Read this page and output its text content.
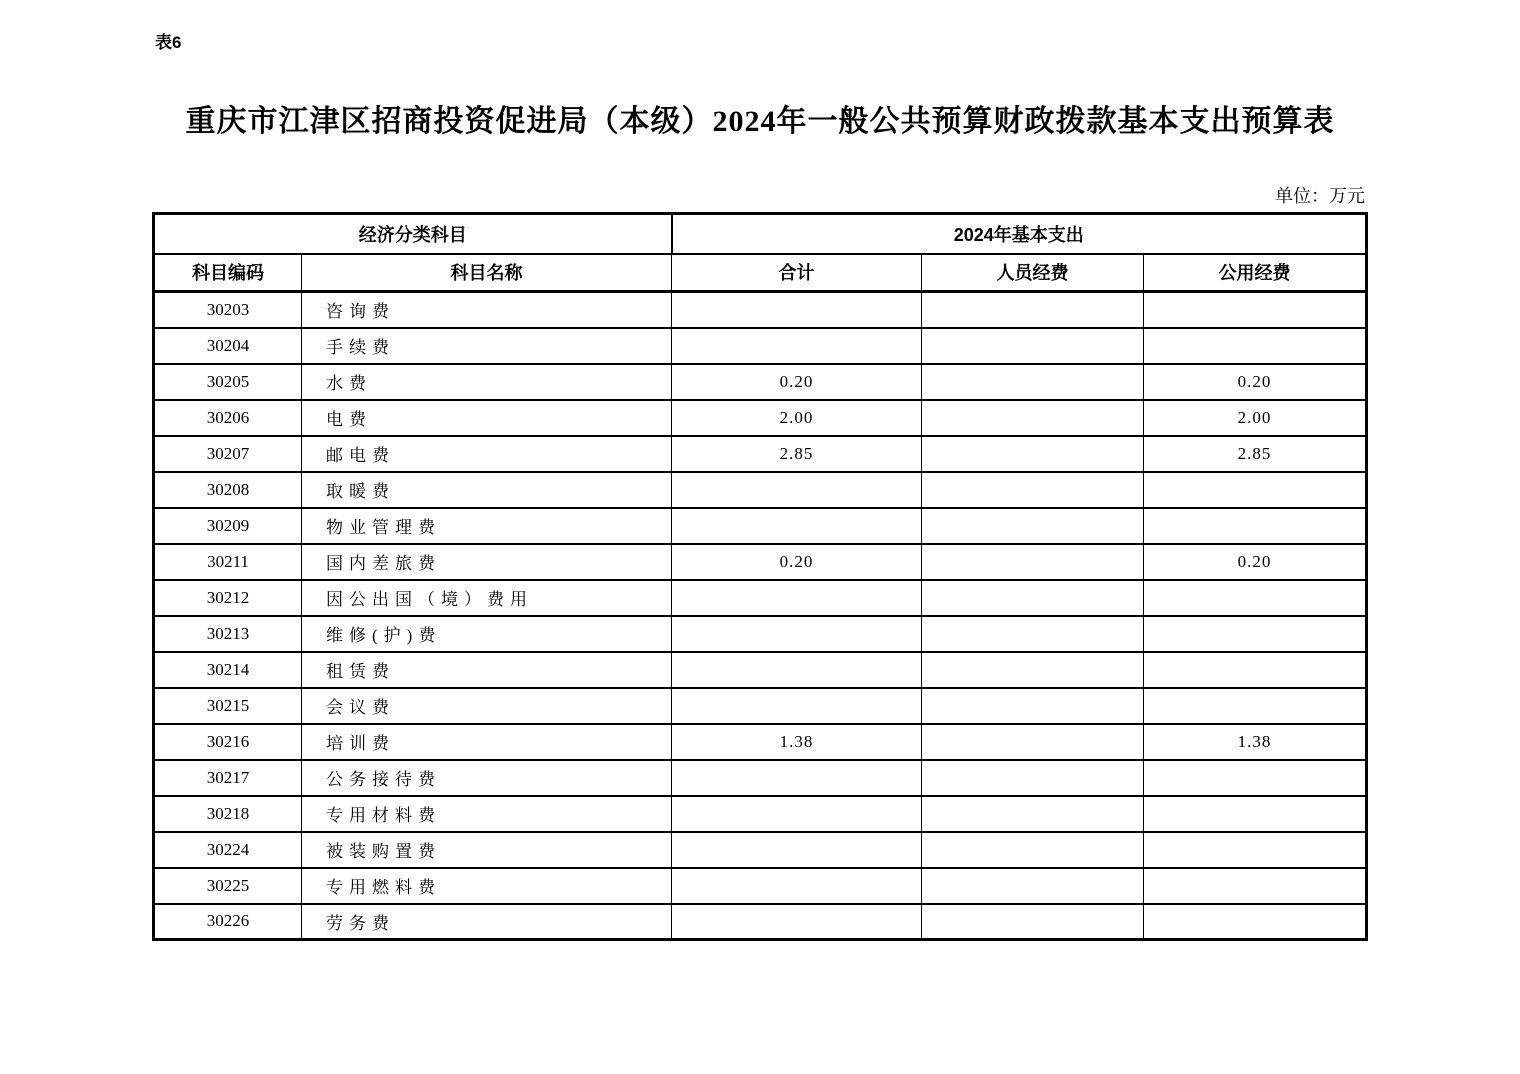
表6
重庆市江津区招商投资促进局（本级）2024年一般公共预算财政拨款基本支出预算表
单位：万元
经济分类科目		2024年基本支出		
科目编码	科目名称	合计	人员经费	公用经费
30203	咨询费			
30204	手续费			
30205	水费	0.20		0.20
30206	电费	2.00		2.00
30207	邮电费	2.85		2.85
30208	取暖费			
30209	物业管理费			
30211	国内差旅费	0.20		0.20
30212	因公出国（境）费用			
30213	维修(护)费			
30214	租赁费			
30215	会议费			
30216	培训费	1.38		1.38
30217	公务接待费			
30218	专用材料费			
30224	被装购置费			
30225	专用燃料费			
30226	劳务费			
